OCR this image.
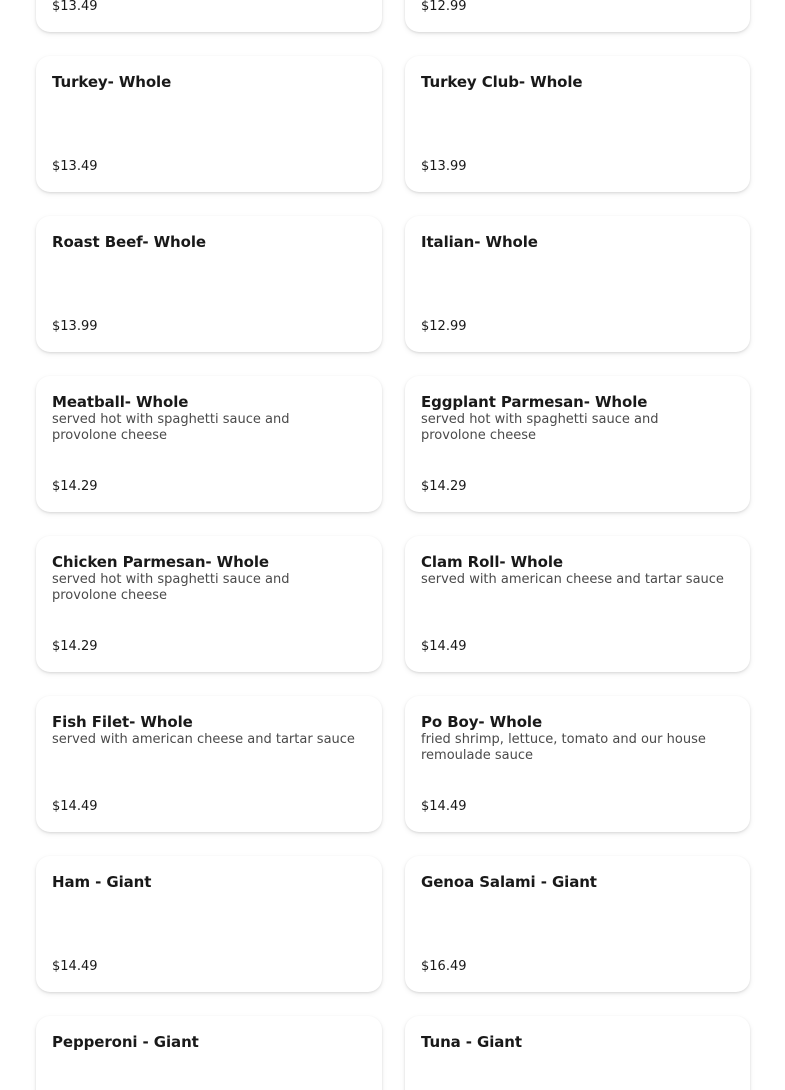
$13.49	$12.99
Turkey- Whole
$13.49
Turkey Club- Whole
$13.99
Roast Beef- Whole
$13.99
Italian- Whole
$12.99
Meatball- Whole
served hot with spaghetti sauce and provolone cheese
$14.29
Eggplant Parmesan- Whole
served hot with spaghetti sauce and provolone cheese
$14.29
Chicken Parmesan- Whole
served hot with spaghetti sauce and provolone cheese
$14.29
Clam Roll- Whole
served with american cheese and tartar sauce
$14.49
Fish Filet- Whole
served with american cheese and tartar sauce
$14.49
Po Boy- Whole
fried shrimp, lettuce, tomato and our house remoulade sauce
$14.49
Ham - Giant
$14.49
Genoa Salami - Giant
$16.49
Pepperoni - Giant	Tuna - Giant
